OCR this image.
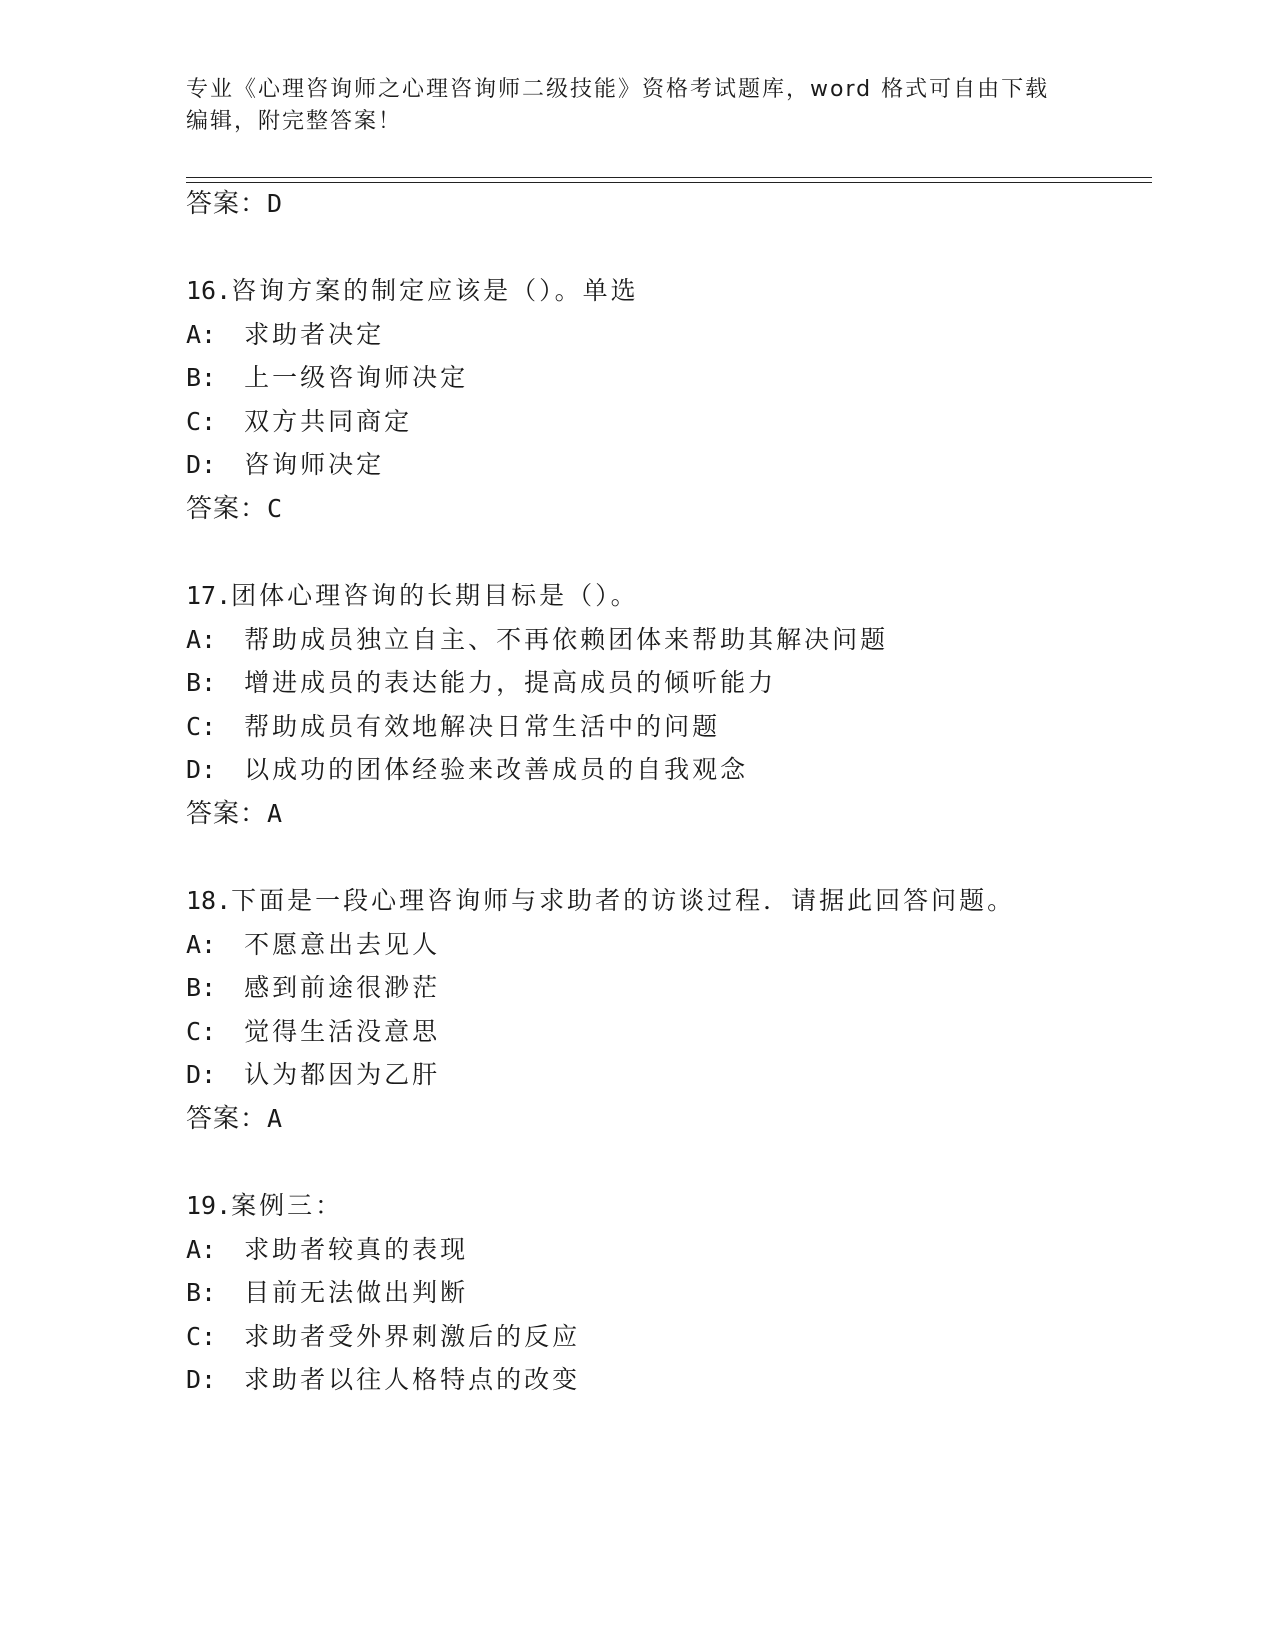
专业《心理咨询师之心理咨询师二级技能》资格考试题库，word 格式可自由下载
编辑，附完整答案！
答案：D
16.咨询方案的制定应该是（）。单选
A: 求助者决定
B: 上一级咨询师决定
C: 双方共同商定
D: 咨询师决定
答案：C
17.团体心理咨询的长期目标是（）。
A: 帮助成员独立自主、不再依赖团体来帮助其解决问题
B: 增进成员的表达能力，提高成员的倾听能力
C: 帮助成员有效地解决日常生活中的问题
D: 以成功的团体经验来改善成员的自我观念
答案：A
18.下面是一段心理咨询师与求助者的访谈过程．请据此回答问题。
A: 不愿意出去见人
B: 感到前途很渺茫
C: 觉得生活没意思
D: 认为都因为乙肝
答案：A
19.案例三：
A: 求助者较真的表现
B: 目前无法做出判断
C: 求助者受外界刺激后的反应
D: 求助者以往人格特点的改变
